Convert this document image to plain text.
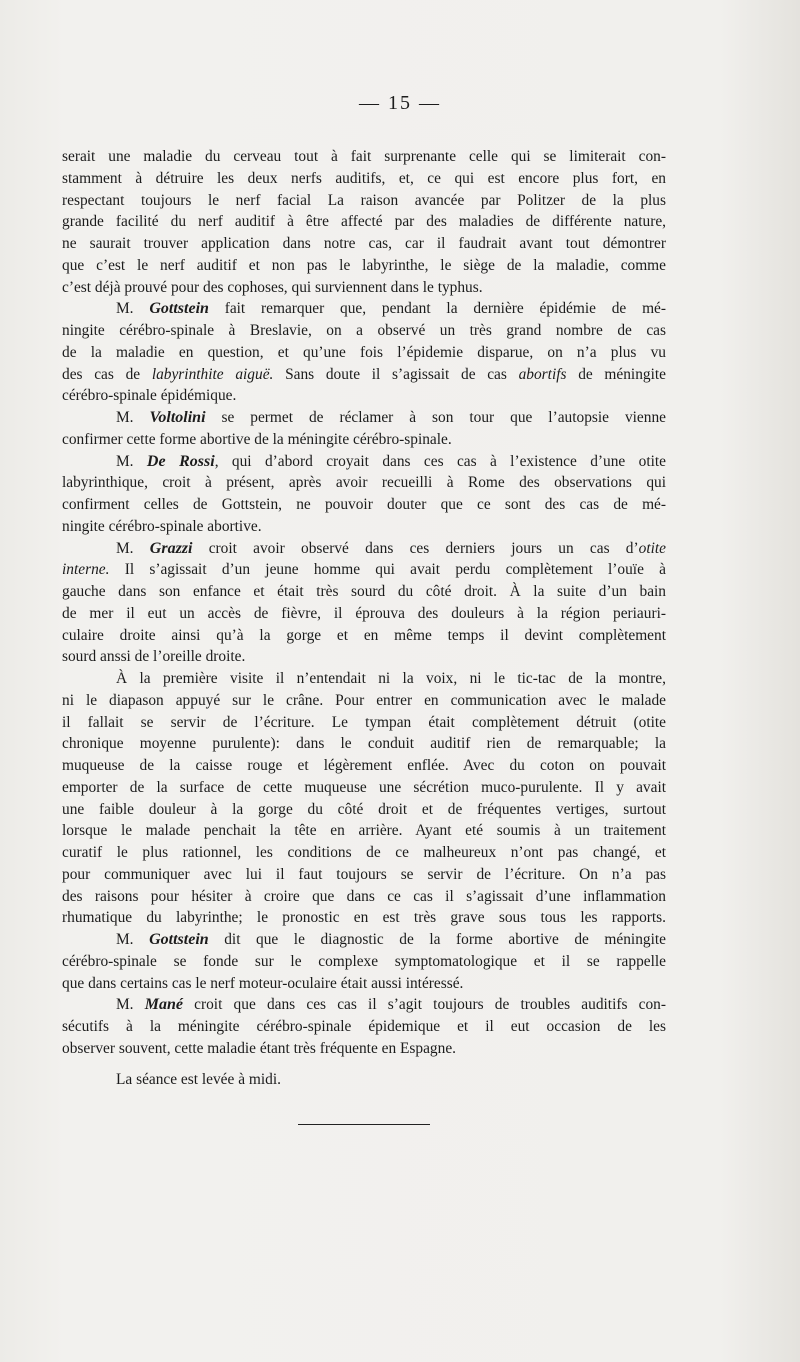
— 15 —
serait une maladie du cerveau tout à fait surprenante celle qui se limiterait con-
stamment à détruire les deux nerfs auditifs, et, ce qui est encore plus fort, en
respectant toujours le nerf facial La raison avancée par Politzer de la plus
grande facilité du nerf auditif à être affecté par des maladies de différente nature,
ne saurait trouver application dans notre cas, car il faudrait avant tout démontrer
que c’est le nerf auditif et non pas le labyrinthe, le siège de la maladie, comme
c’est déjà prouvé pour des cophoses, qui surviennent dans le typhus.
M. Gottstein fait remarquer que, pendant la dernière épidémie de mé-
ningite cérébro-spinale à Breslavie, on a observé un très grand nombre de cas
de la maladie en question, et qu’une fois l’épidemie disparue, on n’a plus vu
des cas de labyrinthite aiguë. Sans doute il s’agissait de cas abortifs de méningite
cérébro-spinale épidémique.
M. Voltolini se permet de réclamer à son tour que l’autopsie vienne
confirmer cette forme abortive de la méningite cérébro-spinale.
M. De Rossi, qui d’abord croyait dans ces cas à l’existence d’une otite
labyrinthique, croit à présent, après avoir recueilli à Rome des observations qui
confirment celles de Gottstein, ne pouvoir douter que ce sont des cas de mé-
ningite cérébro-spinale abortive.
M. Grazzi croit avoir observé dans ces derniers jours un cas d’otite
interne. Il s’agissait d’un jeune homme qui avait perdu complètement l’ouïe à
gauche dans son enfance et était très sourd du côté droit. À la suite d’un bain
de mer il eut un accès de fièvre, il éprouva des douleurs à la région periauri-
culaire droite ainsi qu’à la gorge et en même temps il devint complètement
sourd anssi de l’oreille droite.
À la première visite il n’entendait ni la voix, ni le tic-tac de la montre,
ni le diapason appuyé sur le crâne. Pour entrer en communication avec le malade
il fallait se servir de l’écriture. Le tympan était complètement détruit (otite
chronique moyenne purulente): dans le conduit auditif rien de remarquable; la
muqueuse de la caisse rouge et légèrement enflée. Avec du coton on pouvait
emporter de la surface de cette muqueuse une sécrétion muco-purulente. Il y avait
une faible douleur à la gorge du côté droit et de fréquentes vertiges, surtout
lorsque le malade penchait la tête en arrière. Ayant eté soumis à un traitement
curatif le plus rationnel, les conditions de ce malheureux n’ont pas changé, et
pour communiquer avec lui il faut toujours se servir de l’écriture. On n’a pas
des raisons pour hésiter à croire que dans ce cas il s’agissait d’une inflammation
rhumatique du labyrinthe; le pronostic en est très grave sous tous les rapports.
M. Gottstein dit que le diagnostic de la forme abortive de méningite
cérébro-spinale se fonde sur le complexe symptomatologique et il se rappelle
que dans certains cas le nerf moteur-oculaire était aussi intéressé.
M. Mané croit que dans ces cas il s’agit toujours de troubles auditifs con-
sécutifs à la méningite cérébro-spinale épidemique et il eut occasion de les
observer souvent, cette maladie étant très fréquente en Espagne.
La séance est levée à midi.
